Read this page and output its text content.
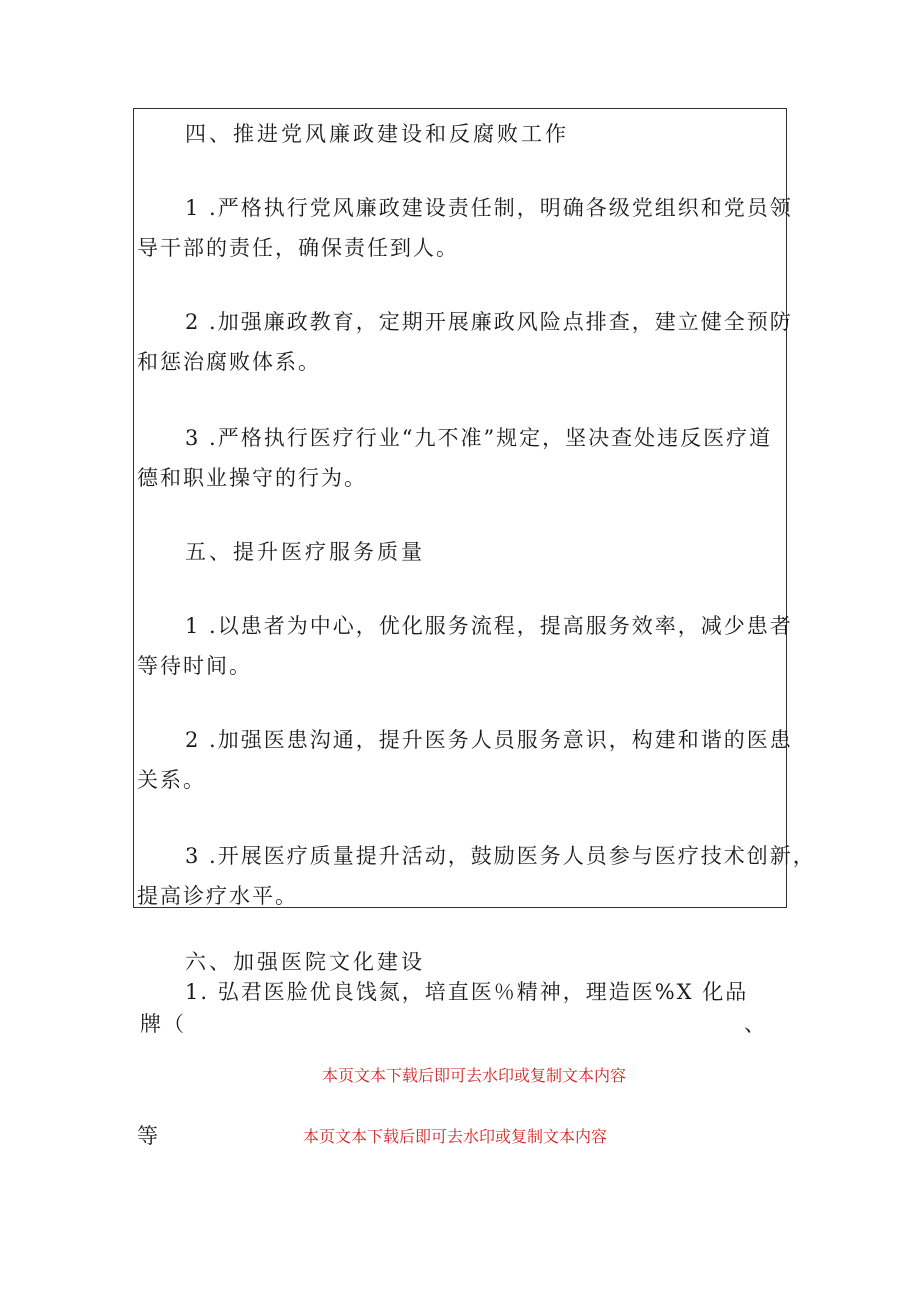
四、推进党风廉政建设和反腐败工作
1 .严格执行党风廉政建设责任制，明确各级党组织和党员领
导干部的责任，确保责任到人。
2 .加强廉政教育，定期开展廉政风险点排查，建立健全预防
和惩治腐败体系。
3 .严格执行医疗行业“九不准”规定，坚决查处违反医疗道
德和职业操守的行为。
五、提升医疗服务质量
1 .以患者为中心，优化服务流程，提高服务效率，减少患者
等待时间。
2 .加强医患沟通，提升医务人员服务意识，构建和谐的医患
关系。
3 .开展医疗质量提升活动，鼓励医务人员参与医疗技术创新，
提高诊疗水平。
六、加强医院文化建设
1. 弘君医脸优良饯氮，培直医％精神，理造医%X 化品
牌（	、
本页文本下载后即可去水印或复制文本内容
等	本页文本下载后即可去水印或复制文本内容
